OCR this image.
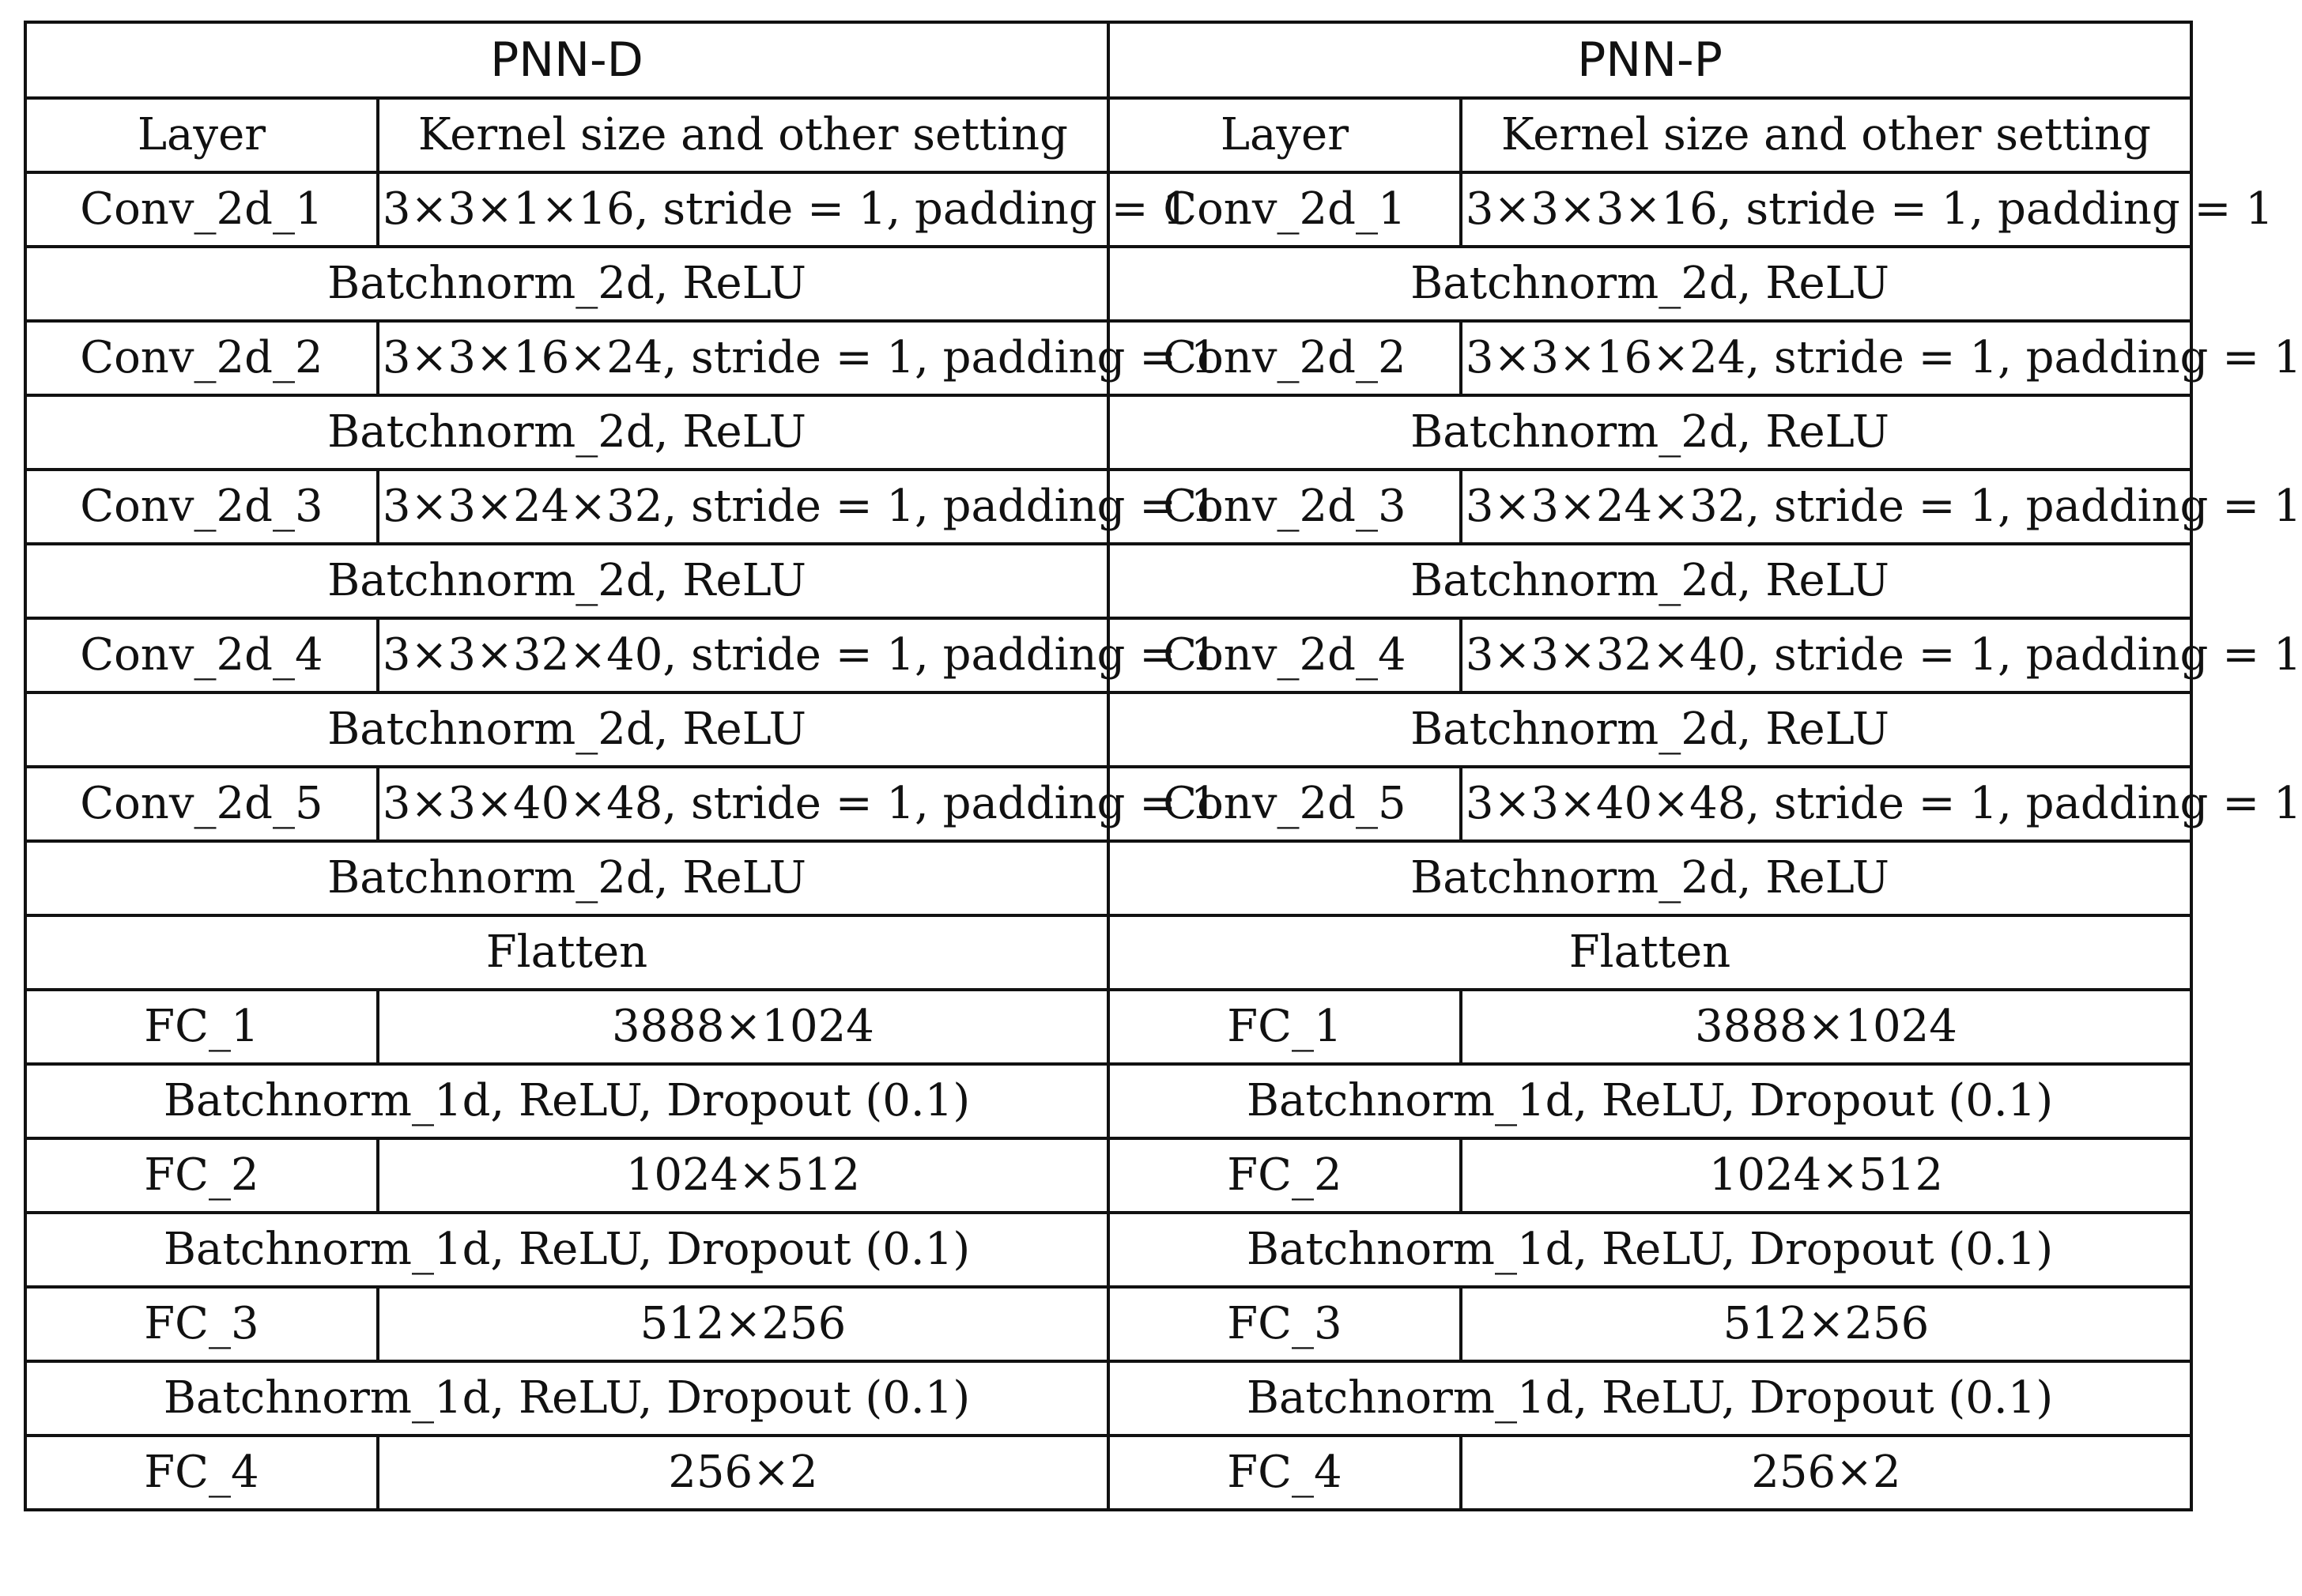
PNN-D		PNN-P	
Layer	Kernel size and other setting	Layer	Kernel size and other setting
Conv_2d_1	3×3×1×16, stride = 1, padding = 1	Conv_2d_1	3×3×3×16, stride = 1, padding = 1
Batchnorm_2d, ReLU		Batchnorm_2d, ReLU	
Conv_2d_2	3×3×16×24, stride = 1, padding = 1	Conv_2d_2	3×3×16×24, stride = 1, padding = 1
Batchnorm_2d, ReLU		Batchnorm_2d, ReLU	
Conv_2d_3	3×3×24×32, stride = 1, padding = 1	Conv_2d_3	3×3×24×32, stride = 1, padding = 1
Batchnorm_2d, ReLU		Batchnorm_2d, ReLU	
Conv_2d_4	3×3×32×40, stride = 1, padding = 1	Conv_2d_4	3×3×32×40, stride = 1, padding = 1
Batchnorm_2d, ReLU		Batchnorm_2d, ReLU	
Conv_2d_5	3×3×40×48, stride = 1, padding = 1	Conv_2d_5	3×3×40×48, stride = 1, padding = 1
Batchnorm_2d, ReLU		Batchnorm_2d, ReLU	
Flatten		Flatten	
FC_1	3888×1024	FC_1	3888×1024
Batchnorm_1d, ReLU, Dropout (0.1)		Batchnorm_1d, ReLU, Dropout (0.1)	
FC_2	1024×512	FC_2	1024×512
Batchnorm_1d, ReLU, Dropout (0.1)		Batchnorm_1d, ReLU, Dropout (0.1)	
FC_3	512×256	FC_3	512×256
Batchnorm_1d, ReLU, Dropout (0.1)		Batchnorm_1d, ReLU, Dropout (0.1)	
FC_4	256×2	FC_4	256×2
